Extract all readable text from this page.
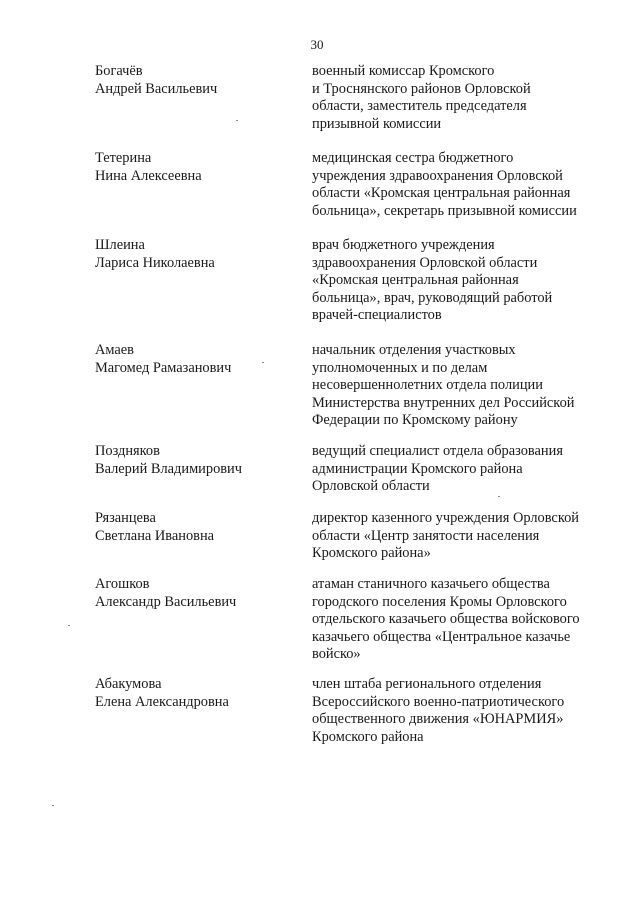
30
Богачёв
Андрей Васильевич
военный комиссар Кромского
и Троснянского районов Орловской
области, заместитель председателя
призывной комиссии
Тетерина
Нина Алексеевна
медицинская сестра бюджетного
учреждения здравоохранения Орловской
области «Кромская центральная районная
больница», секретарь призывной комиссии
Шлеина
Лариса Николаевна
врач бюджетного учреждения
здравоохранения Орловской области
«Кромская центральная районная
больница», врач, руководящий работой
врачей-специалистов
Амаев
Магомед Рамазанович
начальник отделения участковых
уполномоченных и по делам
несовершеннолетних отдела полиции
Министерства внутренних дел Российской
Федерации по Кромскому району
Поздняков
Валерий Владимирович
ведущий специалист отдела образования
администрации Кромского района
Орловской области
Рязанцева
Светлана Ивановна
директор казенного учреждения Орловской
области «Центр занятости населения
Кромского района»
Агошков
Александр Васильевич
атаман станичного казачьего общества
городского поселения Кромы Орловского
отдельского казачьего общества войскового
казачьего общества «Центральное казачье
войско»
Абакумова
Елена Александровна
член штаба регионального отделения
Всероссийского военно-патриотического
общественного движения «ЮНАРМИЯ»
Кромского района
